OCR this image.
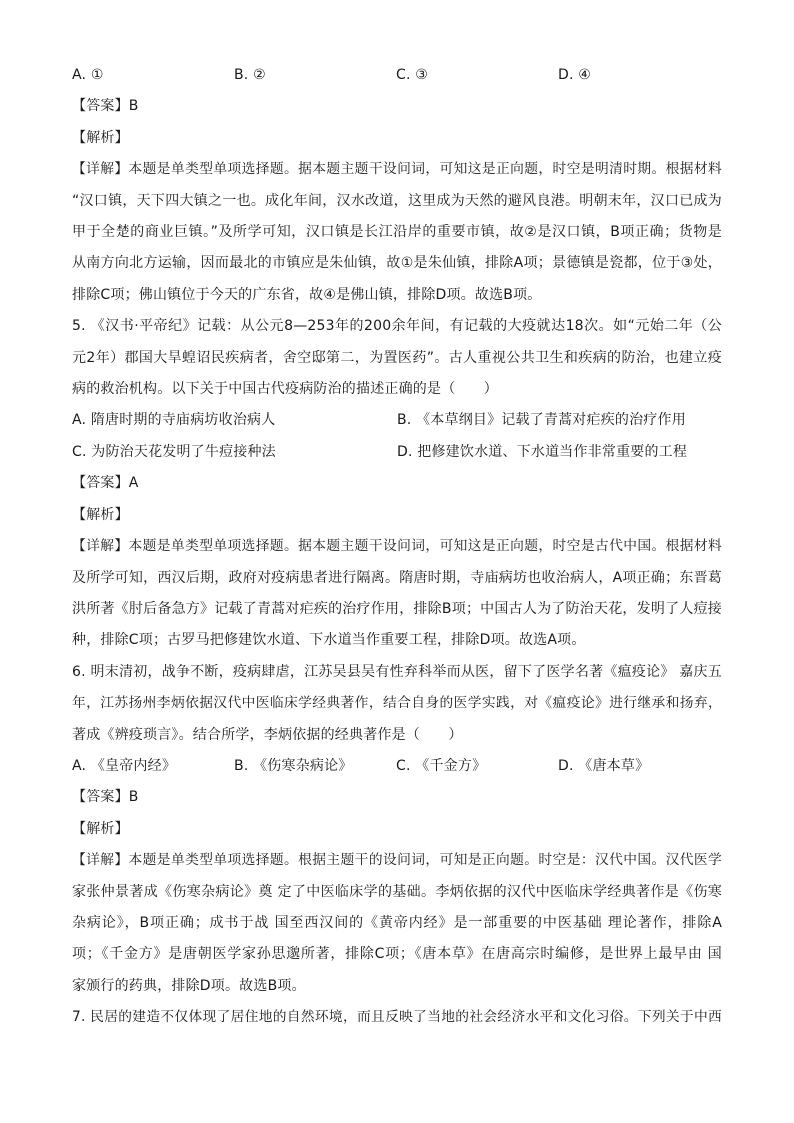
A. ①	B. ②	C. ③	D. ④
【答案】B
【解析】
【详解】本题是单类型单项选择题。据本题主题干设问词，可知这是正向题，时空是明清时期。根据材料
“汉口镇，天下四大镇之一也。成化年间，汉水改道，这里成为天然的避风良港。明朝末年，汉口已成为
甲于全楚的商业巨镇。”及所学可知，汉口镇是长江沿岸的重要市镇，故②是汉口镇，B项正确；货物是
从南方向北方运输，因而最北的市镇应是朱仙镇，故①是朱仙镇，排除A项；景德镇是瓷都，位于③处，
排除C项；佛山镇位于今天的广东省，故④是佛山镇，排除D项。故选B项。
5. 《汉书·平帝纪》记载：从公元8—253年的200余年间，有记载的大疫就达18次。如“元始二年（公
元2年）郡国大旱蝗诏民疾病者，舍空邸第二，为置医药”。古人重视公共卫生和疾病的防治，也建立疫
病的救治机构。以下关于中国古代疫病防治的描述正确的是（　　）
A. 隋唐时期的寺庙病坊收治病人	B. 《本草纲目》记载了青蒿对疟疾的治疗作用
C. 为防治天花发明了牛痘接种法	D. 把修建饮水道、下水道当作非常重要的工程
【答案】A
【解析】
【详解】本题是单类型单项选择题。据本题主题干设问词，可知这是正向题，时空是古代中国。根据材料
及所学可知，西汉后期，政府对疫病患者进行隔离。隋唐时期，寺庙病坊也收治病人，A项正确；东晋葛
洪所著《肘后备急方》记载了青蒿对疟疾的治疗作用，排除B项；中国古人为了防治天花，发明了人痘接
种，排除C项；古罗马把修建饮水道、下水道当作重要工程，排除D项。故选A项。
6. 明末清初，战争不断，疫病肆虐，江苏吴县吴有性弃科举而从医，留下了医学名著《瘟疫论》 嘉庆五
年，江苏扬州李炳依据汉代中医临床学经典著作，结合自身的医学实践，对《瘟疫论》进行继承和扬弃，
著成《辨疫琐言》。结合所学，李炳依据的经典著作是（　　）
A. 《皇帝内经》	B. 《伤寒杂病论》	C. 《千金方》	D. 《唐本草》
【答案】B
【解析】
【详解】本题是单类型单项选择题。根据主题干的设问词，可知是正向题。时空是：汉代中国。汉代医学
家张仲景著成《伤寒杂病论》奠 定了中医临床学的基础。李炳依据的汉代中医临床学经典著作是《伤寒
杂病论》，B项正确；成书于战 国至西汉间的《黄帝内经》是一部重要的中医基础 理论著作，排除A
项；《千金方》是唐朝医学家孙思邈所著，排除C项；《唐本草》在唐高宗时编修，是世界上最早由 国
家颁行的药典，排除D项。故选B项。
7. 民居的建造不仅体现了居住地的自然环境，而且反映了当地的社会经济水平和文化习俗。下列关于中西
